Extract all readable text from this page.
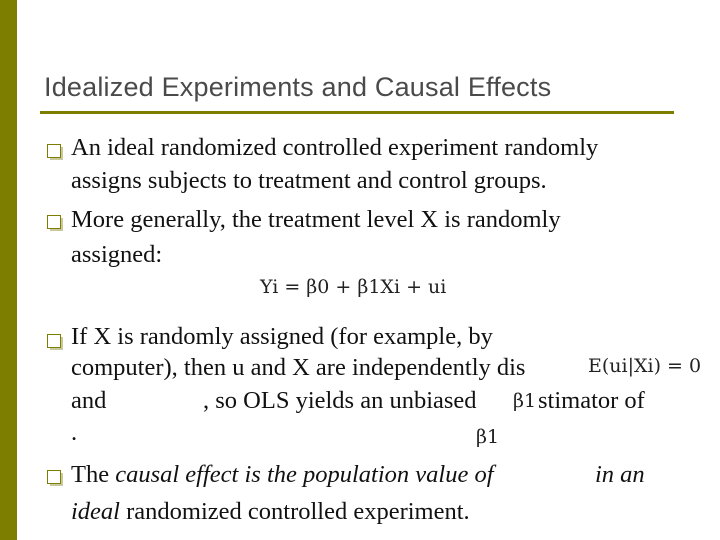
Idealized Experiments and Causal Effects
An ideal randomized controlled experiment randomly
assigns subjects to treatment and control groups.
More generally, the treatment level X is randomly
assigned:
Yi = β0 + β1Xi + ui
If X is randomly assigned (for example, by
computer), then u and X are independently dis	E(ui|Xi) = 0
and	, so OLS yields an unbiased β1 stimator of
.	β1
The causal effect is the population value of	in an
ideal randomized controlled experiment.
